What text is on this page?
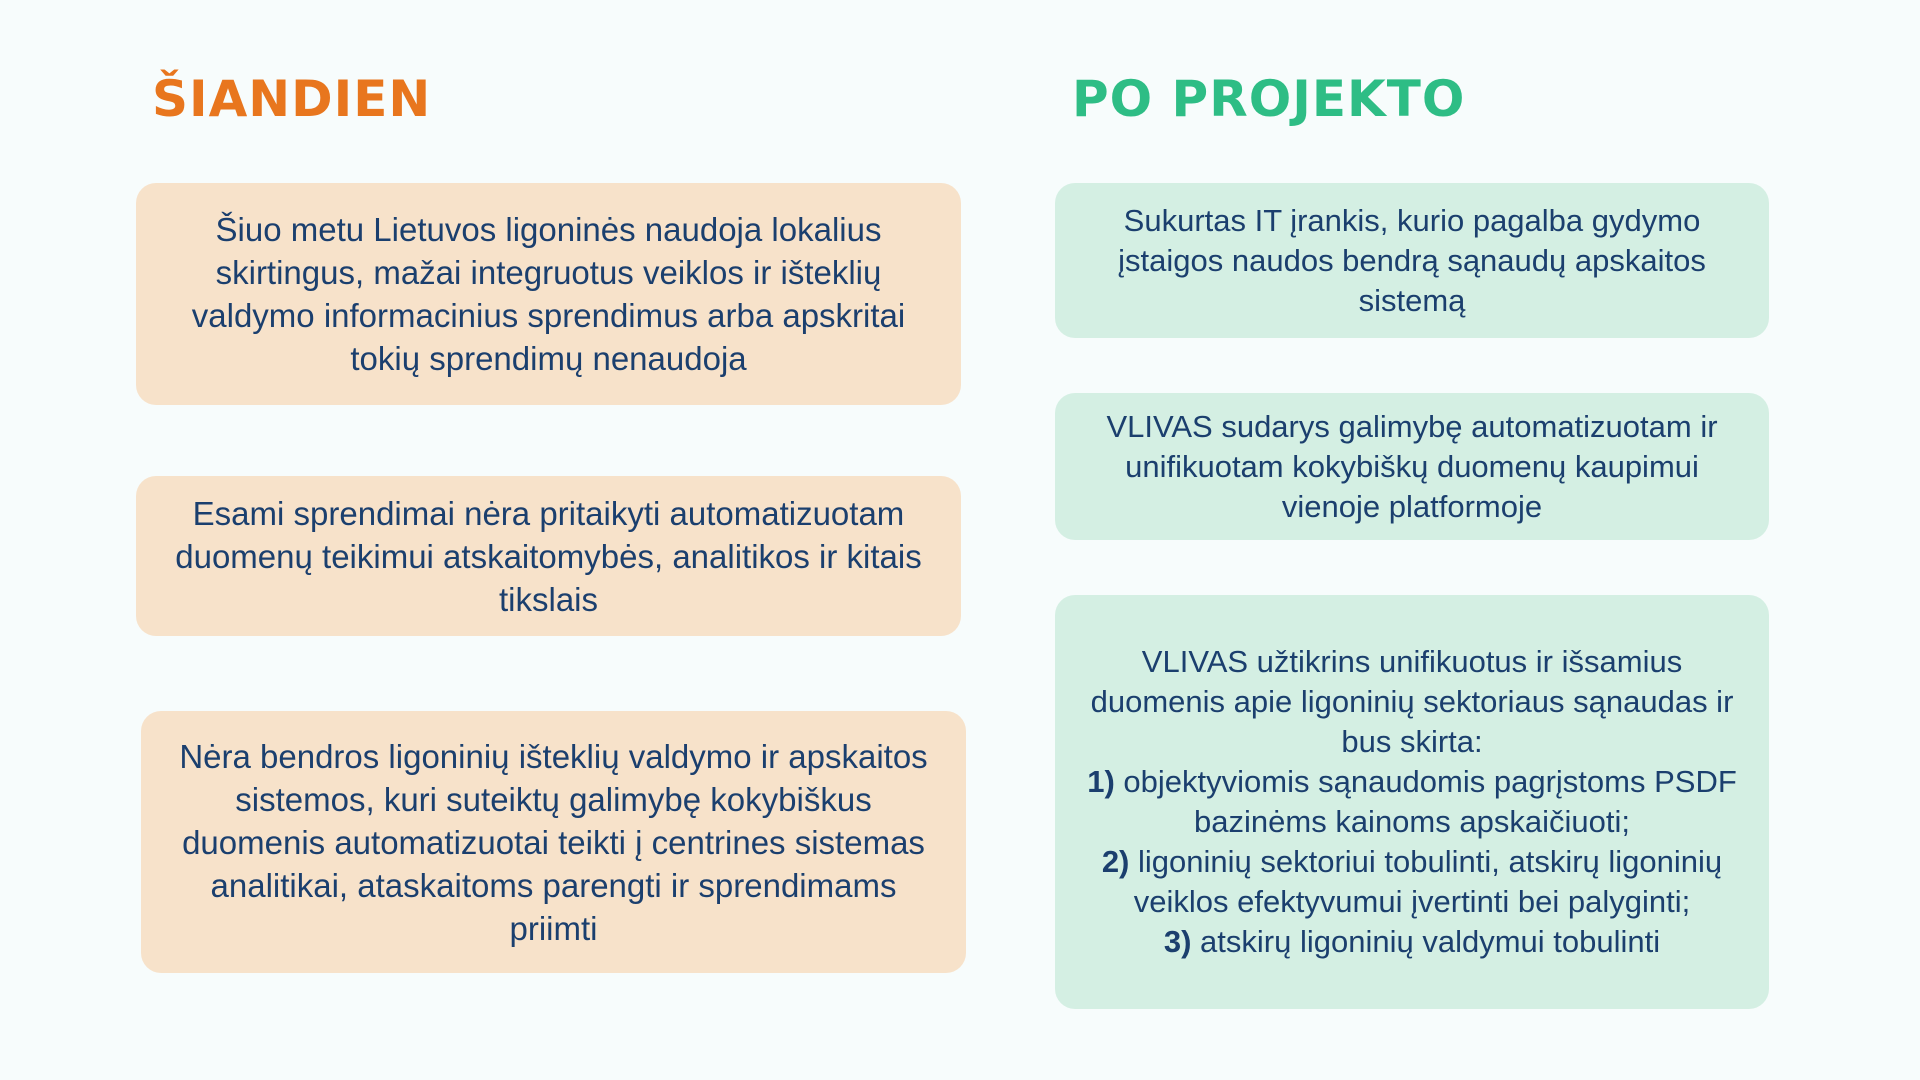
ŠIANDIEN	PO PROJEKTO

Šiuo metu Lietuvos ligoninės naudoja lokalius skirtingus, mažai integruotus veiklos ir išteklių valdymo informacinius sprendimus arba apskritai tokių sprendimų nenaudoja

Esami sprendimai nėra pritaikyti automatizuotam duomenų teikimui atskaitomybės, analitikos ir kitais tikslais

Nėra bendros ligoninių išteklių valdymo ir apskaitos sistemos, kuri suteiktų galimybę kokybiškus duomenis automatizuotai teikti į centrines sistemas analitikai, ataskaitoms parengti ir sprendimams priimti

Sukurtas IT įrankis, kurio pagalba gydymo įstaigos naudos bendrą sąnaudų apskaitos sistemą

VLIVAS sudarys galimybę automatizuotam ir unifikuotam kokybiškų duomenų kaupimui vienoje platformoje

VLIVAS užtikrins unifikuotus ir išsamius duomenis apie ligoninių sektoriaus sąnaudas ir bus skirta:
1) objektyviomis sąnaudomis pagrįstoms PSDF bazinėms kainoms apskaičiuoti;
2) ligoninių sektoriui tobulinti, atskirų ligoninių veiklos efektyvumui įvertinti bei palyginti;
3) atskirų ligoninių valdymui tobulinti
